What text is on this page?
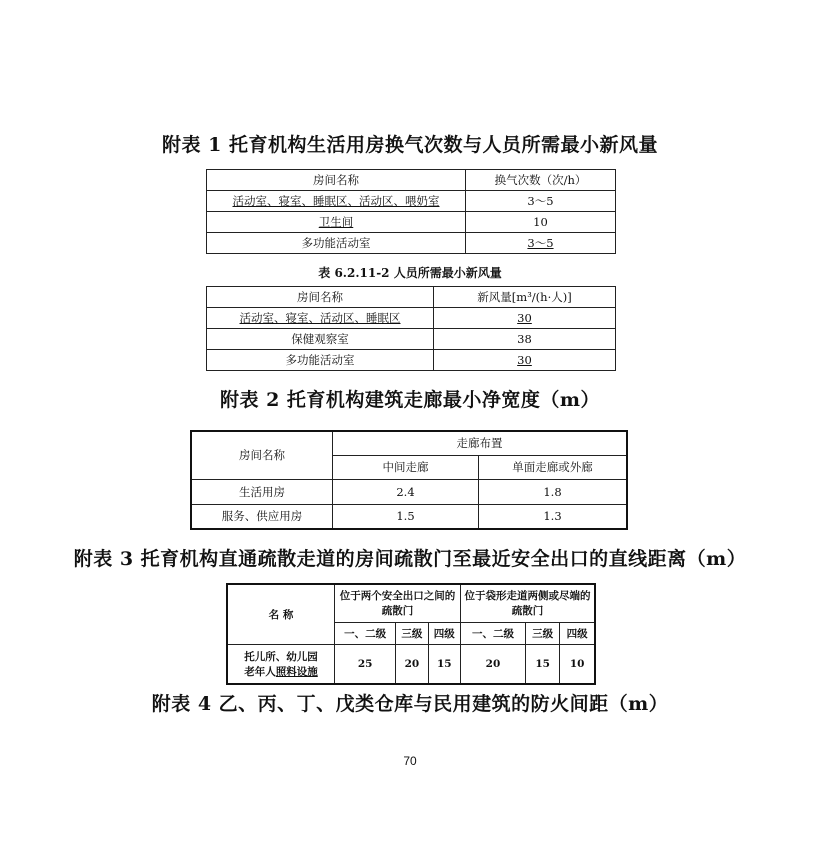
附表 1 托育机构生活用房换气次数与人员所需最小新风量
房间名称	换气次数（次/h）
活动室、寝室、睡眠区、活动区、喂奶室	3～5
卫生间	10
多功能活动室	3～5
表 6.2.11-2 人员所需最小新风量
房间名称	新风量[m³/(h·人)]
活动室、寝室、活动区、睡眠区	30
保健观察室	38
多功能活动室	30
附表 2 托育机构建筑走廊最小净宽度（m）
房间名称	走廊布置	
	中间走廊	单面走廊或外廊
生活用房	2.4	1.8
服务、供应用房	1.5	1.3
附表 3 托育机构直通疏散走道的房间疏散门至最近安全出口的直线距离（m）
名 称	位于两个安全出口之间的疏散门			位于袋形走道两侧或尽端的疏散门		
	一、二级	三级	四级	一、二级	三级	四级

托儿所、幼儿园
老年人照料设施	25	20	15	20	15	10
附表 4 乙、丙、丁、戊类仓库与民用建筑的防火间距（m）
70
